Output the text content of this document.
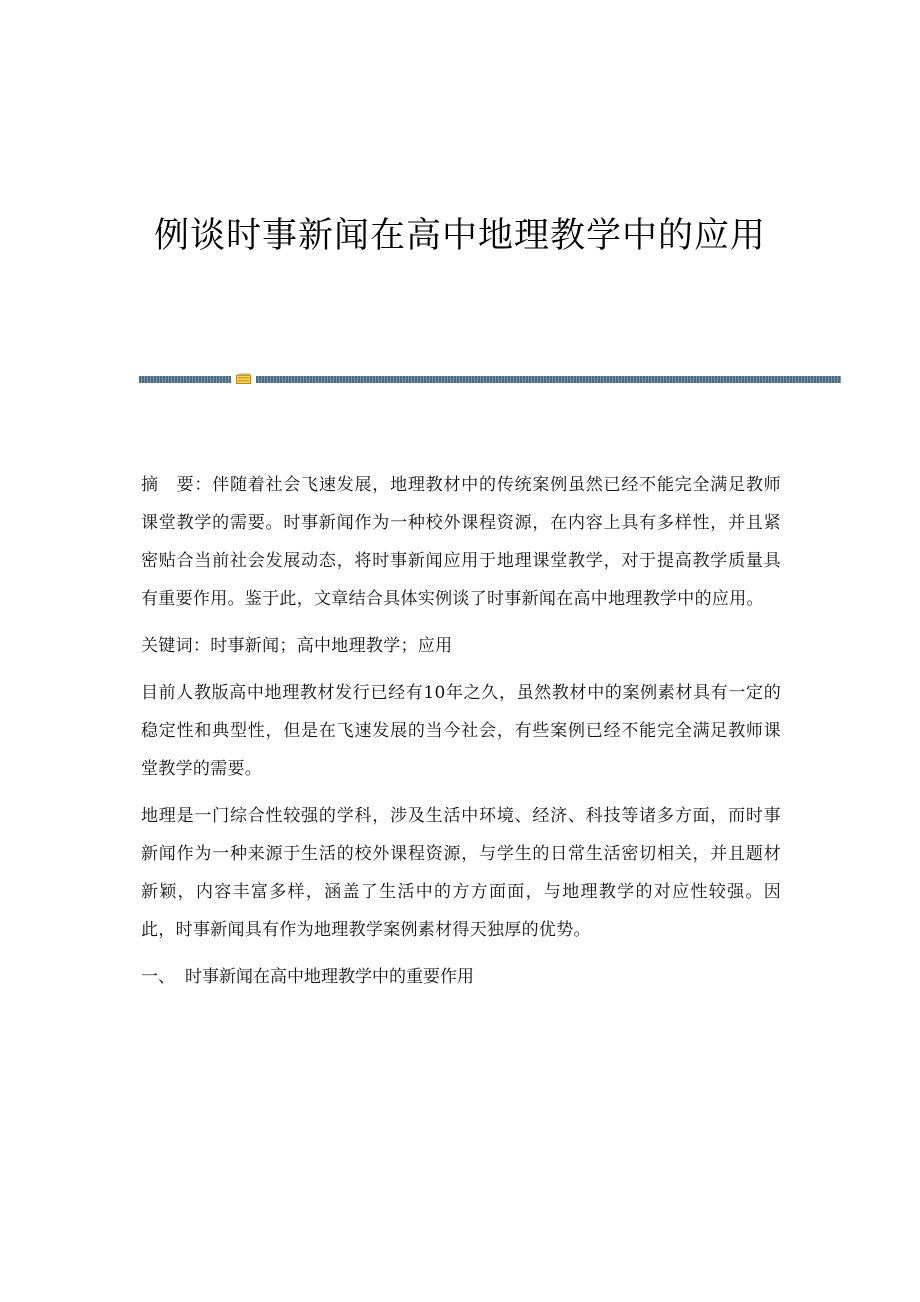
例谈时事新闻在高中地理教学中的应用

摘　要：伴随着社会飞速发展，地理教材中的传统案例虽然已经不能完全满足教师课堂教学的需要。时事新闻作为一种校外课程资源，在内容上具有多样性，并且紧密贴合当前社会发展动态，将时事新闻应用于地理课堂教学，对于提高教学质量具有重要作用。鉴于此，文章结合具体实例谈了时事新闻在高中地理教学中的应用。

关键词：时事新闻；高中地理教学；应用

目前人教版高中地理教材发行已经有10年之久，虽然教材中的案例素材具有一定的稳定性和典型性，但是在飞速发展的当今社会，有些案例已经不能完全满足教师课堂教学的需要。

地理是一门综合性较强的学科，涉及生活中环境、经济、科技等诸多方面，而时事新闻作为一种来源于生活的校外课程资源，与学生的日常生活密切相关，并且题材新颖，内容丰富多样，涵盖了生活中的方方面面，与地理教学的对应性较强。因此，时事新闻具有作为地理教学案例素材得天独厚的优势。

一、 时事新闻在高中地理教学中的重要作用
